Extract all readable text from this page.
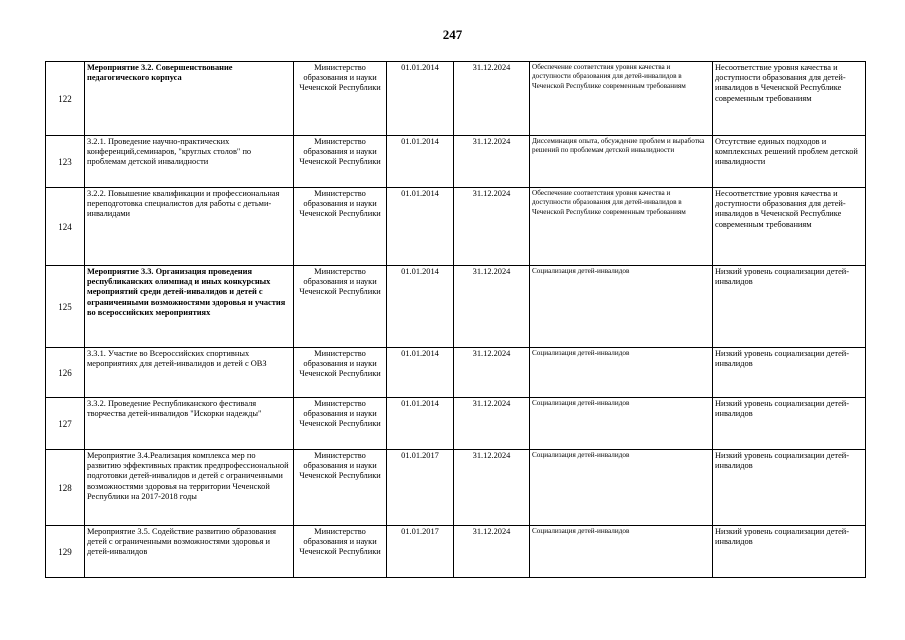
247
122	Мероприятие 3.2. Совершенствование педагогического корпуса	Министерство образования и науки Чеченской Республики	01.01.2014	31.12.2024	Обеспечение соответствия уровня качества и доступности образования для детей-инвалидов в Чеченской Республике современным требованиям	Несоответствие уровня качества и доступности образования для детей-инвалидов в Чеченской Республике современным требованиям

123	3.2.1. Проведение научно-практических конференций,семинаров, "круглых столов" по проблемам детской инвалидности	Министерство образования и науки Чеченской Республики	01.01.2014	31.12.2024	Диссеминация опыта, обсуждение проблем и выработка решений по проблемам детской инвалидности	Отсутствие единых подходов и комплексных решений проблем детской инвалидности

124	3.2.2. Повышение квалификации и профессиональная переподготовка специалистов для работы с детьми-инвалидами	Министерство образования и науки Чеченской Республики	01.01.2014	31.12.2024	Обеспечение соответствия уровня качества и доступности образования для детей-инвалидов в Чеченской Республике современным требованиям	Несоответствие уровня качества и доступности образования для детей-инвалидов в Чеченской Республике современным требованиям

125	Мероприятие 3.3. Организация проведения республиканских олимпиад и иных конкурсных мероприятий среди детей-инвалидов и детей с ограниченными возможностями здоровья и участия во всероссийских мероприятиях	Министерство образования и науки Чеченской Республики	01.01.2014	31.12.2024	Социализация детей-инвалидов	Низкий уровень социализации детей-инвалидов

126	3.3.1. Участие во Всероссийских спортивных мероприятиях для детей-инвалидов и детей с ОВЗ	Министерство образования и науки Чеченской Республики	01.01.2014	31.12.2024	Социализация детей-инвалидов	Низкий уровень социализации детей-инвалидов

127	3.3.2. Проведение Республиканского фестиваля творчества детей-инвалидов "Искорки надежды"	Министерство образования и науки Чеченской Республики	01.01.2014	31.12.2024	Социализация детей-инвалидов	Низкий уровень социализации детей-инвалидов

128	Мероприятие 3.4.Реализация комплекса мер по развитию эффективных практик предпрофессиональной подготовки детей-инвалидов и детей с ограниченными возможностями здоровья на территории Чеченской Республики на 2017-2018 годы	Министерство образования и науки Чеченской Республики	01.01.2017	31.12.2024	Социализация детей-инвалидов	Низкий уровень социализации детей-инвалидов

129	Мероприятие 3.5. Содействие развитию образования детей с ограниченными возможностями здоровья и детей-инвалидов	Министерство образования и науки Чеченской Республики	01.01.2017	31.12.2024	Социализация детей-инвалидов	Низкий уровень социализации детей-инвалидов
